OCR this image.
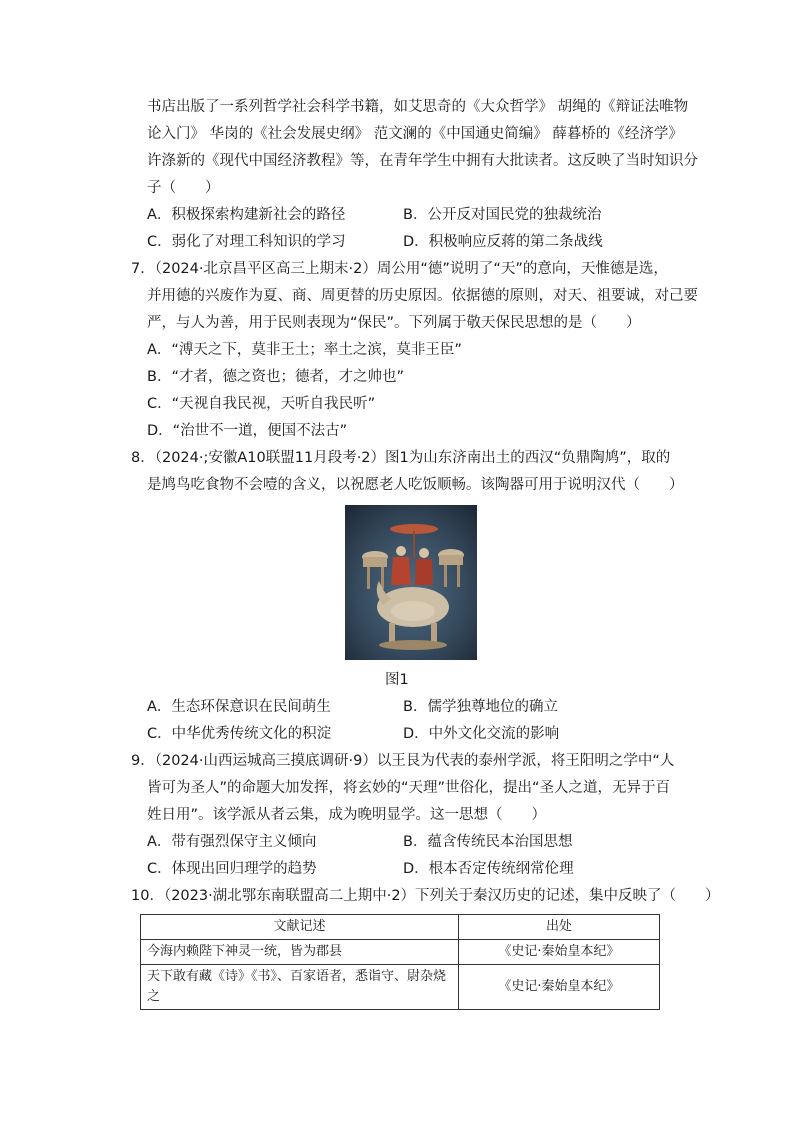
书店出版了一系列哲学社会科学书籍，如艾思奇的《大众哲学》 胡绳的《辩证法唯物
论入门》 华岗的《社会发展史纲》 范文澜的《中国通史简编》 薛暮桥的《经济学》
许涤新的《现代中国经济教程》等，在青年学生中拥有大批读者。这反映了当时知识分
子（　　）
A．积极探索构建新社会的路径	B．公开反对国民党的独裁统治
C．弱化了对理工科知识的学习	D．积极响应反蒋的第二条战线
7．（2024·北京昌平区高三上期末·2）周公用“德”说明了“天”的意向，天惟德是选，
并用德的兴废作为夏、商、周更替的历史原因。依据德的原则，对天、祖要诚，对己要
严，与人为善，用于民则表现为“保民”。下列属于敬天保民思想的是（　　）
A．“溥天之下，莫非王土；率土之滨，莫非王臣”
B．“才者，德之资也；德者，才之帅也”
C．“天视自我民视，天听自我民听”
D．“治世不一道，便国不法古”
8．（2024·;安徽A10联盟11月段考·2）图1为山东济南出土的西汉“负鼎陶鸠”，取的
是鸠鸟吃食物不会噎的含义，以祝愿老人吃饭顺畅。该陶器可用于说明汉代（　　）
图1
A．生态环保意识在民间萌生	B．儒学独尊地位的确立
C．中华优秀传统文化的积淀	D．中外文化交流的影响
9．（2024·山西运城高三摸底调研·9）以王艮为代表的泰州学派，将王阳明之学中“人
皆可为圣人”的命题大加发挥，将玄妙的“天理”世俗化，提出“圣人之道，无异于百
姓日用”。该学派从者云集，成为晚明显学。这一思想（　　）
A．带有强烈保守主义倾向	B．蕴含传统民本治国思想
C．体现出回归理学的趋势	D．根本否定传统纲常伦理
10．（2023·湖北鄂东南联盟高二上期中·2）下列关于秦汉历史的记述，集中反映了（　　）
文献记述	出处
今海内赖陛下神灵一统，皆为郡县	《史记·秦始皇本纪》
天下敢有藏《诗》《书》、百家语者，悉诣守、尉杂烧之	《史记·秦始皇本纪》
